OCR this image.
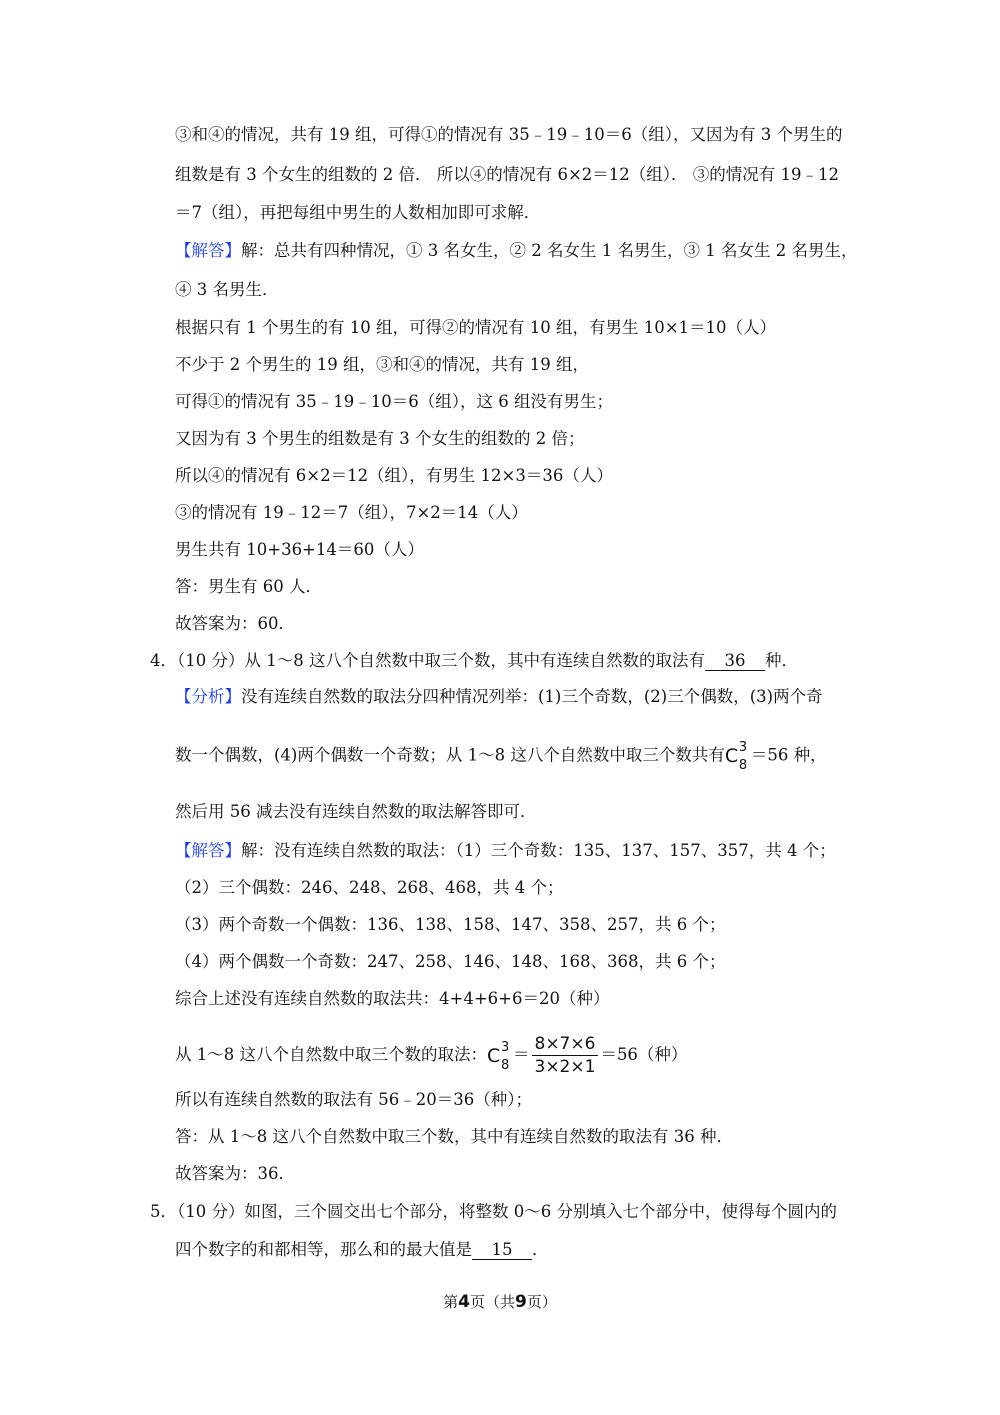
③和④的情况，共有 19 组，可得①的情况有 35﹣19﹣10＝6（组），又因为有 3 个男生的
组数是有 3 个女生的组数的 2 倍． 所以④的情况有 6×2＝12（组）． ③的情况有 19﹣12
＝7（组），再把每组中男生的人数相加即可求解．
【解答】解：总共有四种情况，① 3 名女生，② 2 名女生 1 名男生，③ 1 名女生 2 名男生，
④ 3 名男生．
根据只有 1 个男生的有 10 组，可得②的情况有 10 组，有男生 10×1＝10（人）
不少于 2 个男生的 19 组，③和④的情况，共有 19 组，
可得①的情况有 35﹣19﹣10＝6（组），这 6 组没有男生；
又因为有 3 个男生的组数是有 3 个女生的组数的 2 倍；
所以④的情况有 6×2＝12（组），有男生 12×3＝36（人）
③的情况有 19﹣12＝7（组），7×2＝14（人）
男生共有 10+36+14＝60（人）
答：男生有 60 人．
故答案为：60．
4．（10 分）从 1～8 这八个自然数中取三个数，其中有连续自然数的取法有 36 种．
【分析】没有连续自然数的取法分四种情况列举：(1)三个奇数，(2)三个偶数，(3)两个奇
数一个偶数，(4)两个偶数一个奇数；从 1～8 这八个自然数中取三个数共有 C 3
8
＝56 种，
然后用 56 减去没有连续自然数的取法解答即可．
【解答】解：没有连续自然数的取法：（1）三个奇数：135、137、157、357，共 4 个；
（2）三个偶数：246、248、268、468，共 4 个；
（3）两个奇数一个偶数：136、138、158、147、358、257，共 6 个；
（4）两个偶数一个奇数：247、258、146、148、168、368，共 6 个；
综合上述没有连续自然数的取法共：4+4+6+6＝20（种）
从 1～8 这八个自然数中取三个数的取法： C 3
8
＝ $\frac{8\times 7\times 6}{3\times 2\times 1} =56$（种）
所以有连续自然数的取法有 56﹣20＝36（种）；
答：从 1～8 这八个自然数中取三个数，其中有连续自然数的取法有 36 种．
故答案为：36．
5．（10 分）如图，三个圆交出七个部分，将整数 0～6 分别填入七个部分中，使得每个圆内的
四个数字的和都相等，那么和的最大值是 15 ．
第4页（共9页）
